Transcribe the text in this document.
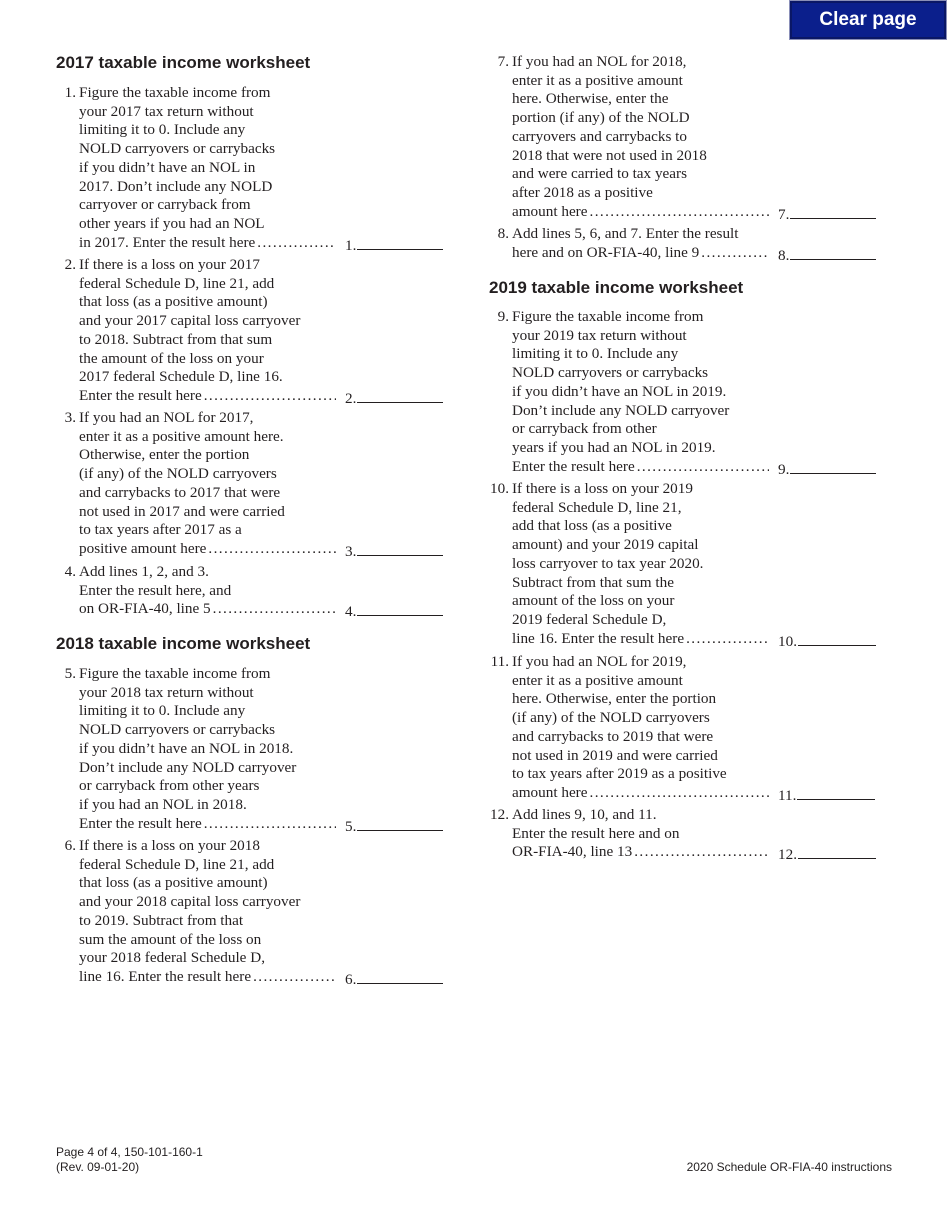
Clear page
2017 taxable income worksheet
1. Figure the taxable income from
your 2017 tax return without
limiting it to 0. Include any
NOLD carryovers or carrybacks
if you didn’t have an NOL in
2017. Don’t include any NOLD
carryover or carryback from
other years if you had an NOL
in 2017. Enter the result here . . .	1.
2. If there is a loss on your 2017
federal Schedule D, line 21, add
that loss (as a positive amount)
and your 2017 capital loss carryover
to 2018. Subtract from that sum
the amount of the loss on your
2017 federal Schedule D, line 16.
Enter the result here . . .	2.
3. If you had an NOL for 2017,
enter it as a positive amount here.
Otherwise, enter the portion
(if any) of the NOLD carryovers
and carrybacks to 2017 that were
not used in 2017 and were carried
to tax years after 2017 as a
positive amount here . . .	3.
4. Add lines 1, 2, and 3.
Enter the result here, and
on OR-FIA-40, line 5 . . .	4.
2018 taxable income worksheet
5. Figure the taxable income from
your 2018 tax return without
limiting it to 0. Include any
NOLD carryovers or carrybacks
if you didn’t have an NOL in 2018.
Don’t include any NOLD carryover
or carryback from other years
if you had an NOL in 2018.
Enter the result here . . .	5.
6. If there is a loss on your 2018
federal Schedule D, line 21, add
that loss (as a positive amount)
and your 2018 capital loss carryover
to 2019. Subtract from that
sum the amount of the loss on
your 2018 federal Schedule D,
line 16. Enter the result here . . .	6.
7. If you had an NOL for 2018,
enter it as a positive amount
here. Otherwise, enter the
portion (if any) of the NOLD
carryovers and carrybacks to
2018 that were not used in 2018
and were carried to tax years
after 2018 as a positive
amount here . . .	7.
8. Add lines 5, 6, and 7. Enter the result
here and on OR-FIA-40, line 9 . . .	8.
2019 taxable income worksheet
9. Figure the taxable income from
your 2019 tax return without
limiting it to 0. Include any
NOLD carryovers or carrybacks
if you didn’t have an NOL in 2019.
Don’t include any NOLD carryover
or carryback from other
years if you had an NOL in 2019.
Enter the result here . . .	9.
10. If there is a loss on your 2019
federal Schedule D, line 21,
add that loss (as a positive
amount) and your 2019 capital
loss carryover to tax year 2020.
Subtract from that sum the
amount of the loss on your
2019 federal Schedule D,
line 16. Enter the result here . . .	10.
11. If you had an NOL for 2019,
enter it as a positive amount
here. Otherwise, enter the portion
(if any) of the NOLD carryovers
and carrybacks to 2019 that were
not used in 2019 and were carried
to tax years after 2019 as a positive
amount here . . .	11.
12. Add lines 9, 10, and 11.
Enter the result here and on
OR-FIA-40, line 13 . . .	12.
Page 4 of 4, 150-101-160-1
(Rev. 09-01-20)	2020 Schedule OR-FIA-40 instructions
